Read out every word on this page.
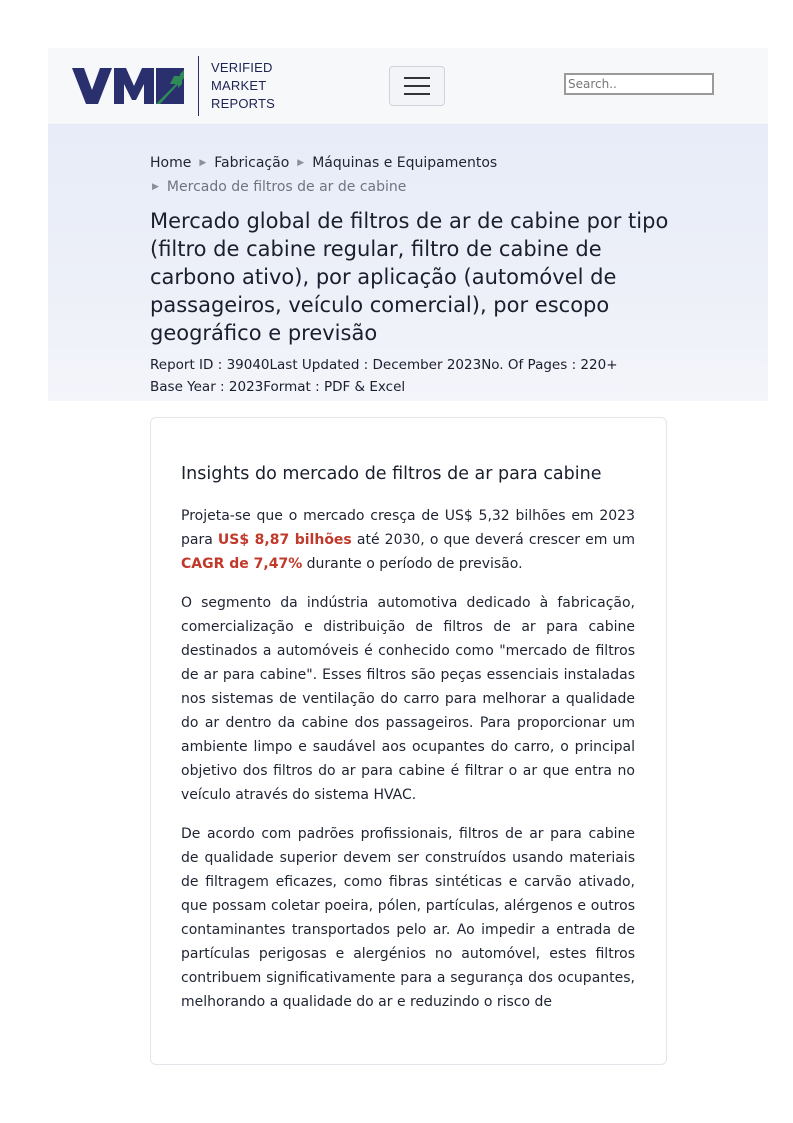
VERIFIED
MARKET
REPORTS
Search..
Home ▶ Fabricação ▶ Máquinas e Equipamentos
▶ Mercado de filtros de ar de cabine
Mercado global de filtros de ar de cabine por tipo (filtro de cabine regular, filtro de cabine de carbono ativo), por aplicação (automóvel de passageiros, veículo comercial), por escopo geográfico e previsão
Report ID : 39040Last Updated : December 2023No. Of Pages : 220+
Base Year : 2023Format : PDF & Excel
Insights do mercado de filtros de ar para cabine

Projeta-se que o mercado cresça de US$ 5,32 bilhões em 2023 para US$ 8,87 bilhões até 2030, o que deverá crescer em um CAGR de 7,47% durante o período de previsão.

O segmento da indústria automotiva dedicado à fabricação, comercialização e distribuição de filtros de ar para cabine destinados a automóveis é conhecido como "mercado de filtros de ar para cabine". Esses filtros são peças essenciais instaladas nos sistemas de ventilação do carro para melhorar a qualidade do ar dentro da cabine dos passageiros. Para proporcionar um ambiente limpo e saudável aos ocupantes do carro, o principal objetivo dos filtros do ar para cabine é filtrar o ar que entra no veículo através do sistema HVAC.

De acordo com padrões profissionais, filtros de ar para cabine de qualidade superior devem ser construídos usando materiais de filtragem eficazes, como fibras sintéticas e carvão ativado, que possam coletar poeira, pólen, partículas, alérgenos e outros contaminantes transportados pelo ar. Ao impedir a entrada de partículas perigosas e alergénios no automóvel, estes filtros contribuem significativamente para a segurança dos ocupantes, melhorando a qualidade do ar e reduzindo o risco de
